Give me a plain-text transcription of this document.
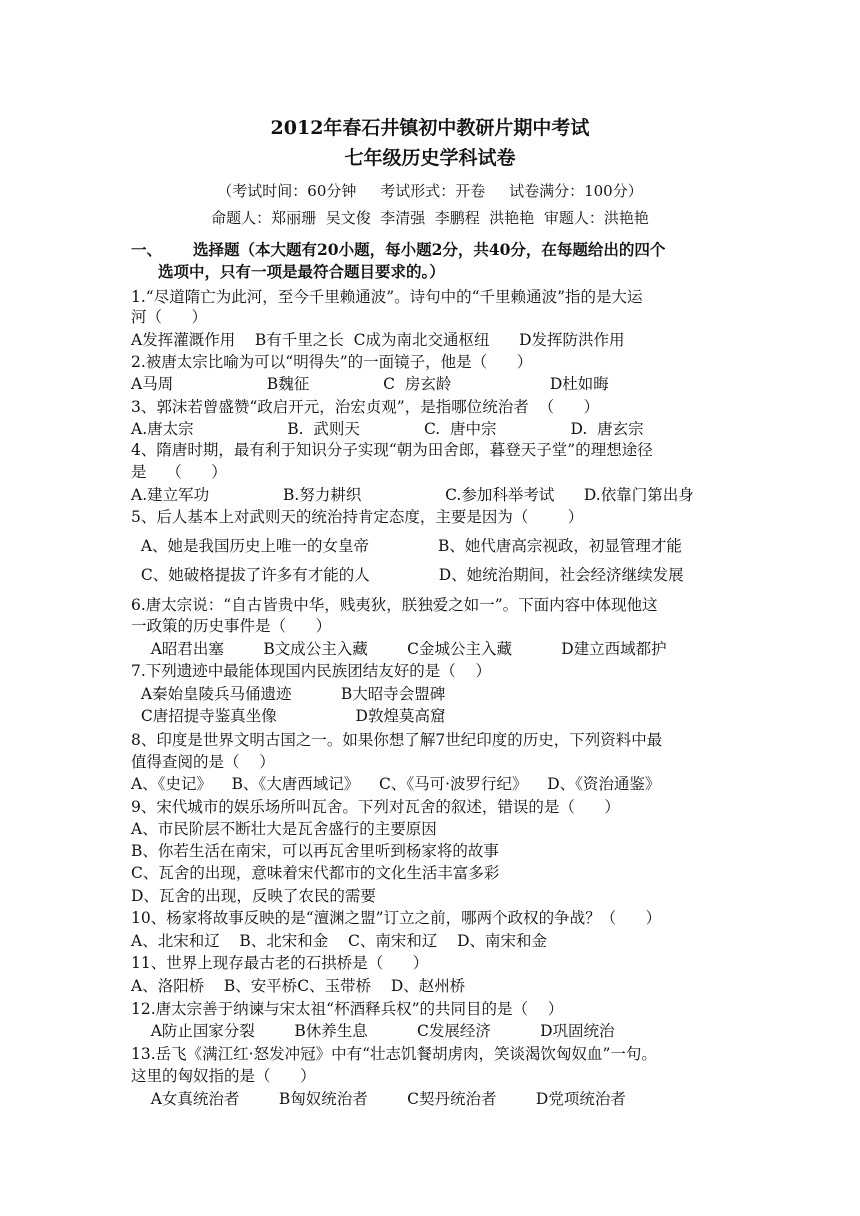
2012年春石井镇初中教研片期中考试
七年级历史学科试卷
（考试时间：60分钟     考试形式：开卷     试卷满分：100分）
命题人：郑丽珊  吴文俊  李清强  李鹏程  洪艳艳  审题人：洪艳艳
一、 选择题（本大题有20小题，每小题2分，共40分，在每题给出的四个
选项中，只有一项是最符合题目要求的。）
1.“尽道隋亡为此河，至今千里赖通波”。诗句中的“千里赖通波”指的是大运
河（      ）
A发挥灌溉作用    B有千里之长  C成为南北交通枢纽      D发挥防洪作用
2.被唐太宗比喻为可以“明得失”的一面镜子，他是（      ）
A马周                   B魏征               C  房玄龄                    D杜如晦
3、郭沫若曾盛赞“政启开元，治宏贞观”，是指哪位统治者  （      ）
A.唐太宗                   B.  武则天             C.  唐中宗               D.  唐玄宗
4、隋唐时期，最有利于知识分子实现“朝为田舍郎，暮登天子堂”的理想途径
是    （      ）
A.建立军功               B.努力耕织                 C.参加科举考试      D.依靠门第出身
5、后人基本上对武则天的统治持肯定态度，主要是因为（        ）
A、她是我国历史上唯一的女皇帝              B、她代唐高宗视政，初显管理才能
C、她破格提拔了许多有才能的人              D、她统治期间，社会经济继续发展
6.唐太宗说：“自古皆贵中华，贱夷狄，朕独爱之如一”。下面内容中体现他这
一政策的历史事件是（      ）
A昭君出塞        B文成公主入藏        C金城公主入藏          D建立西域都护
7.下列遗迹中最能体现国内民族团结友好的是（    ）
A秦始皇陵兵马俑遗迹          B大昭寺会盟碑
C唐招提寺鉴真坐像                D敦煌莫高窟
8、印度是世界文明古国之一。如果你想了解7世纪印度的历史，下列资料中最
值得查阅的是（    ）
A、《史记》    B、《大唐西域记》    C、《马可·波罗行纪》    D、《资治通鉴》
9、宋代城市的娱乐场所叫瓦舍。下列对瓦舍的叙述，错误的是（      ）
A、市民阶层不断壮大是瓦舍盛行的主要原因
B、你若生活在南宋，可以再瓦舍里听到杨家将的故事
C、瓦舍的出现，意味着宋代都市的文化生活丰富多彩
D、瓦舍的出现，反映了农民的需要
10、杨家将故事反映的是“澶渊之盟”订立之前，哪两个政权的争战？（      ）
A、北宋和辽    B、北宋和金    C、南宋和辽    D、南宋和金
11、世界上现存最古老的石拱桥是（      ）
A、洛阳桥    B、安平桥C、玉带桥    D、赵州桥
12.唐太宗善于纳谏与宋太祖“杯酒释兵权”的共同目的是（    ）
A防止国家分裂        B休养生息          C发展经济          D巩固统治
13.岳飞《满江红·怒发冲冠》中有“壮志饥餐胡虏肉，笑谈渴饮匈奴血”一句。
这里的匈奴指的是（      ）
A女真统治者        B匈奴统治者        C契丹统治者        D党项统治者
